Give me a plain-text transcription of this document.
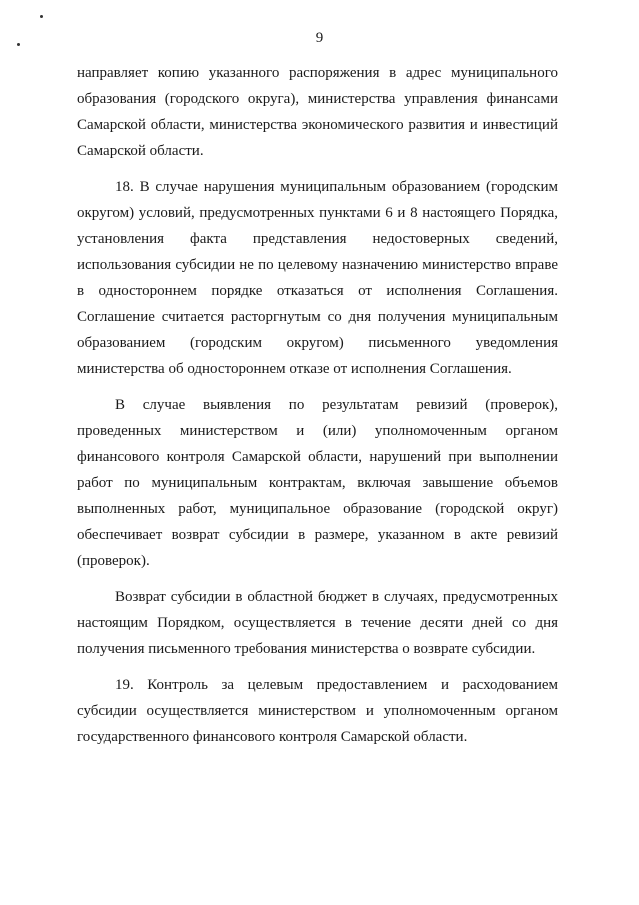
9

направляет копию указанного распоряжения в адрес муниципального образования (городского округа), министерства управления финансами Самарской области, министерства экономического развития и инвестиций Самарской области.

18. В случае нарушения муниципальным образованием (городским округом) условий, предусмотренных пунктами 6 и 8 настоящего Порядка, установления факта представления недостоверных сведений, использования субсидии не по целевому назначению министерство вправе в одностороннем порядке отказаться от исполнения Соглашения. Соглашение считается расторгнутым со дня получения муниципальным образованием (городским округом) письменного уведомления министерства об одностороннем отказе от исполнения Соглашения.

В случае выявления по результатам ревизий (проверок), проведенных министерством и (или) уполномоченным органом финансового контроля Самарской области, нарушений при выполнении работ по муниципальным контрактам, включая завышение объемов выполненных работ, муниципальное образование (городской округ) обеспечивает возврат субсидии в размере, указанном в акте ревизий (проверок).

Возврат субсидии в областной бюджет в случаях, предусмотренных настоящим Порядком, осуществляется в течение десяти дней со дня получения письменного требования министерства о возврате субсидии.

19. Контроль за целевым предоставлением и расходованием субсидии осуществляется министерством и уполномоченным органом государственного финансового контроля Самарской области.
